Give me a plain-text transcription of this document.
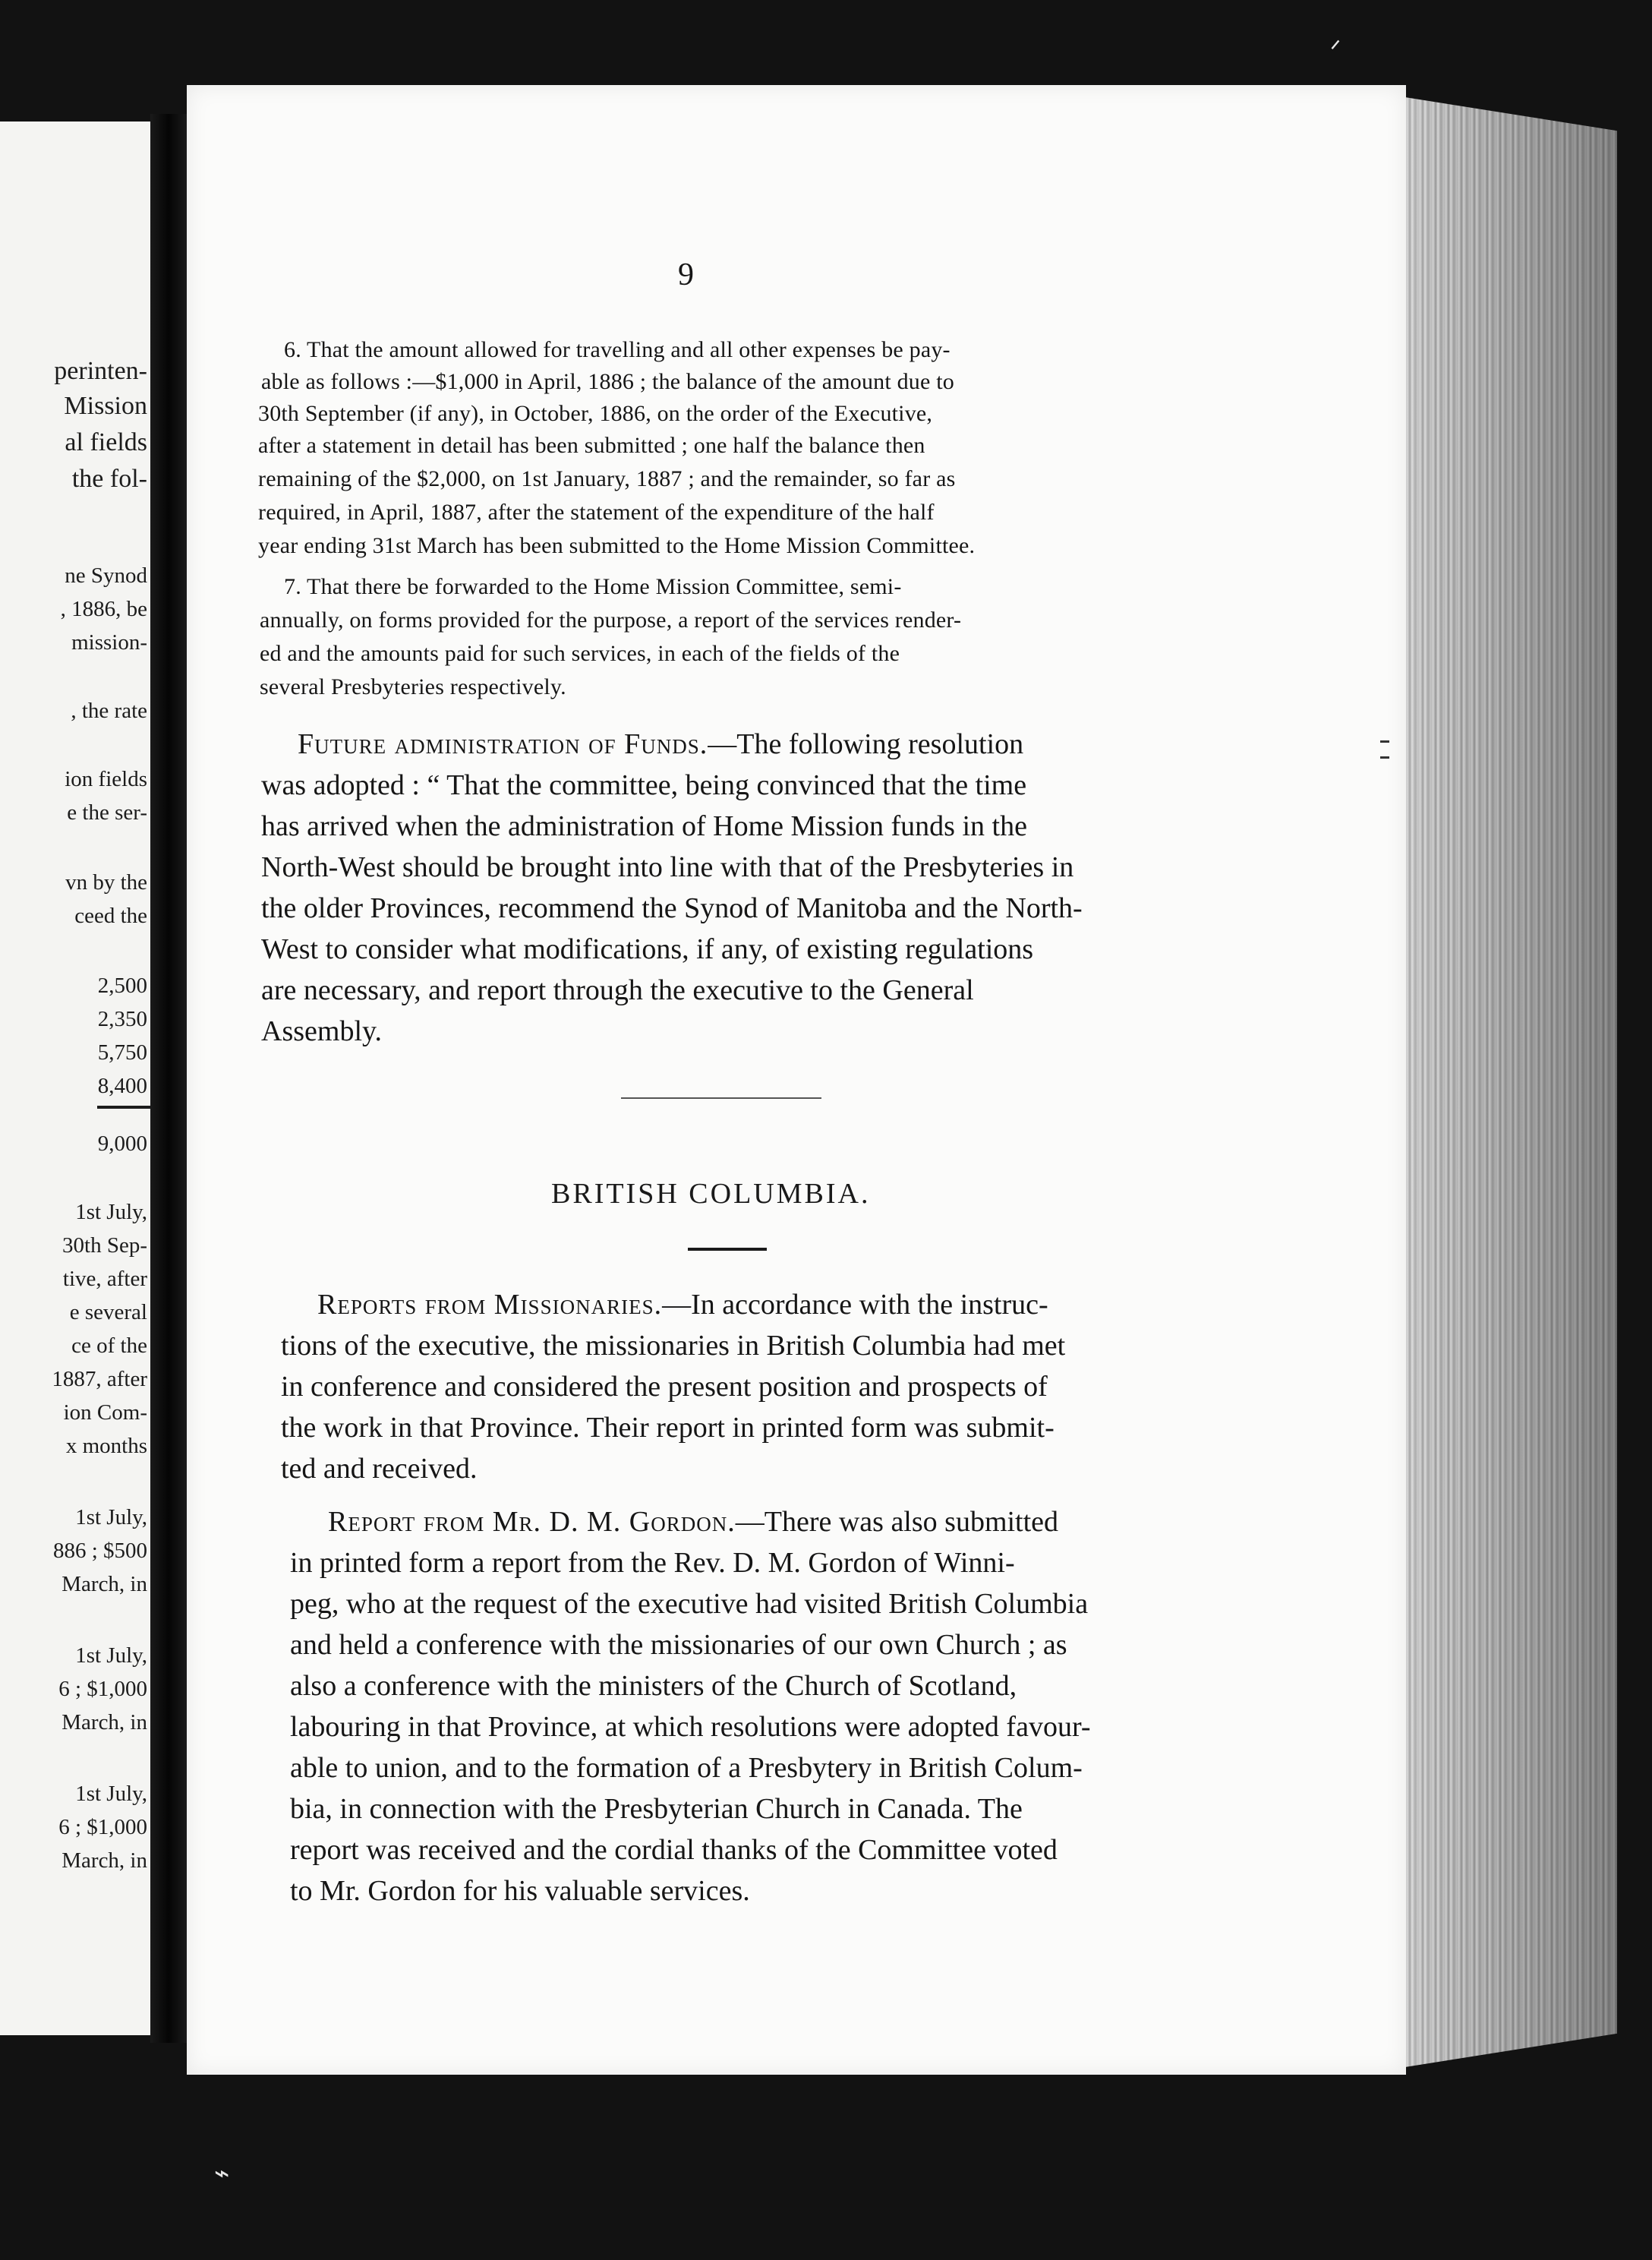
ᐟ
⌁
perinten-
Mission
al fields
the fol-
ne Synod
, 1886, be
mission-
, the rate
ion fields
e the ser-
vn by the
ceed the
2,500
2,350
5,750
8,400
9,000
1st July,
30th Sep-
tive, after
e several
ce of the
1887, after
ion Com-
x months
1st July,
886 ; $500
March, in
1st July,
6 ; $1,000
March, in
1st July,
6 ; $1,000
March, in
9
6. That the amount allowed for travelling and all other expenses be pay-
able as follows :—$1,000 in April, 1886 ; the balance of the amount due to
30th September (if any), in October, 1886, on the order of the Executive,
after a statement in detail has been submitted ; one half the balance then
remaining of the $2,000, on 1st January, 1887 ; and the remainder, so far as
required, in April, 1887, after the statement of the expenditure of the half
year ending 31st March has been submitted to the Home Mission Committee.
7. That there be forwarded to the Home Mission Committee, semi-
annually, on forms provided for the purpose, a report of the services render-
ed and the amounts paid for such services, in each of the fields of the
several Presbyteries respectively.
Future administration of Funds.—The following resolution
was adopted : “ That the committee, being convinced that the time
has arrived when the administration of Home Mission funds in the
North-West should be brought into line with that of the Presbyteries in
the older Provinces, recommend the Synod of Manitoba and the North-
West to consider what modifications, if any, of existing regulations
are necessary, and report through the executive to the General
Assembly.
BRITISH COLUMBIA.
Reports from Missionaries.—In accordance with the instruc-
tions of the executive, the missionaries in British Columbia had met
in conference and considered the present position and prospects of
the work in that Province. Their report in printed form was submit-
ted and received.
Report from Mr. D. M. Gordon.—There was also submitted
in printed form a report from the Rev. D. M. Gordon of Winni-
peg, who at the request of the executive had visited British Columbia
and held a conference with the missionaries of our own Church ; as
also a conference with the ministers of the Church of Scotland,
labouring in that Province, at which resolutions were adopted favour-
able to union, and to the formation of a Presbytery in British Colum-
bia, in connection with the Presbyterian Church in Canada. The
report was received and the cordial thanks of the Committee voted
to Mr. Gordon for his valuable services.
